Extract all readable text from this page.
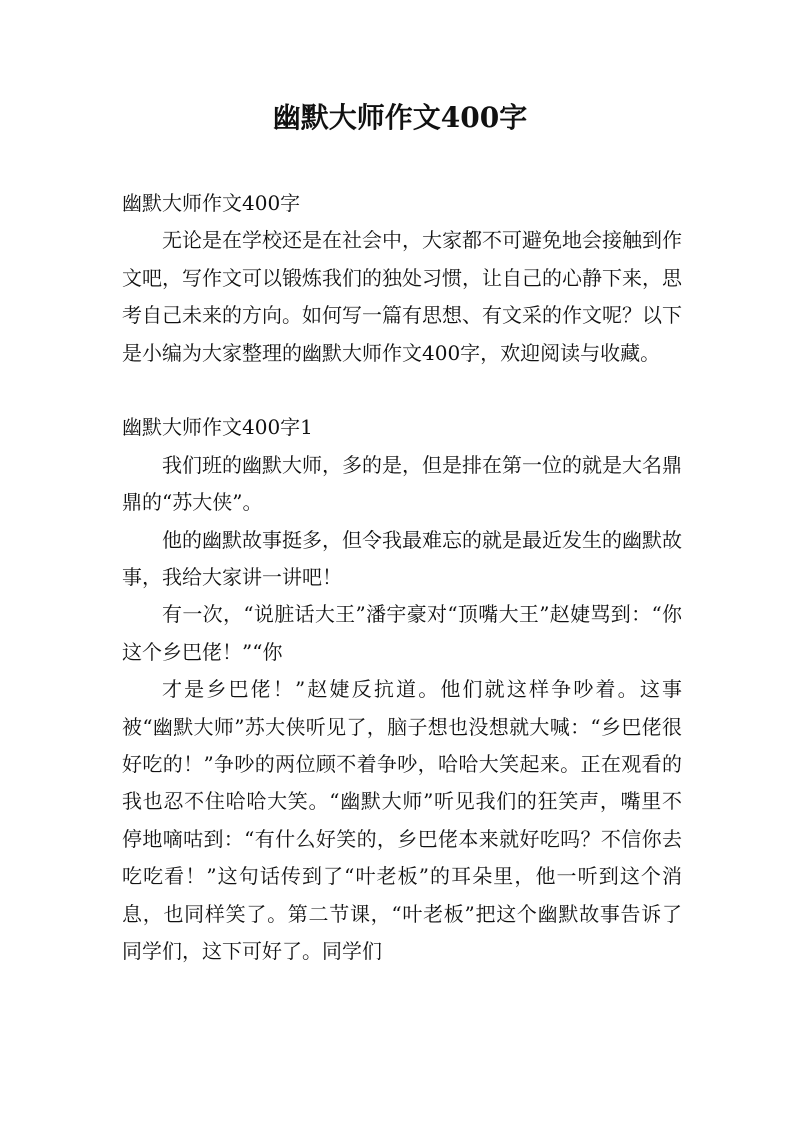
幽默大师作文400字

幽默大师作文400字

无论是在学校还是在社会中，大家都不可避免地会接触到作文吧，写作文可以锻炼我们的独处习惯，让自己的心静下来，思考自己未来的方向。如何写一篇有思想、有文采的作文呢？以下是小编为大家整理的幽默大师作文400字，欢迎阅读与收藏。

幽默大师作文400字1

我们班的幽默大师，多的是，但是排在第一位的就是大名鼎鼎的“苏大侠”。

他的幽默故事挺多，但令我最难忘的就是最近发生的幽默故事，我给大家讲一讲吧！

有一次，“说脏话大王”潘宇豪对“顶嘴大王”赵婕骂到：“你这个乡巴佬！”“你

才是乡巴佬！”赵婕反抗道。他们就这样争吵着。这事被“幽默大师”苏大侠听见了，脑子想也没想就大喊：“乡巴佬很好吃的！”争吵的两位顾不着争吵，哈哈大笑起来。正在观看的我也忍不住哈哈大笑。“幽默大师”听见我们的狂笑声，嘴里不停地嘀咕到：“有什么好笑的，乡巴佬本来就好吃吗？不信你去吃吃看！”这句话传到了“叶老板”的耳朵里，他一听到这个消息，也同样笑了。第二节课，“叶老板”把这个幽默故事告诉了同学们，这下可好了。同学们
